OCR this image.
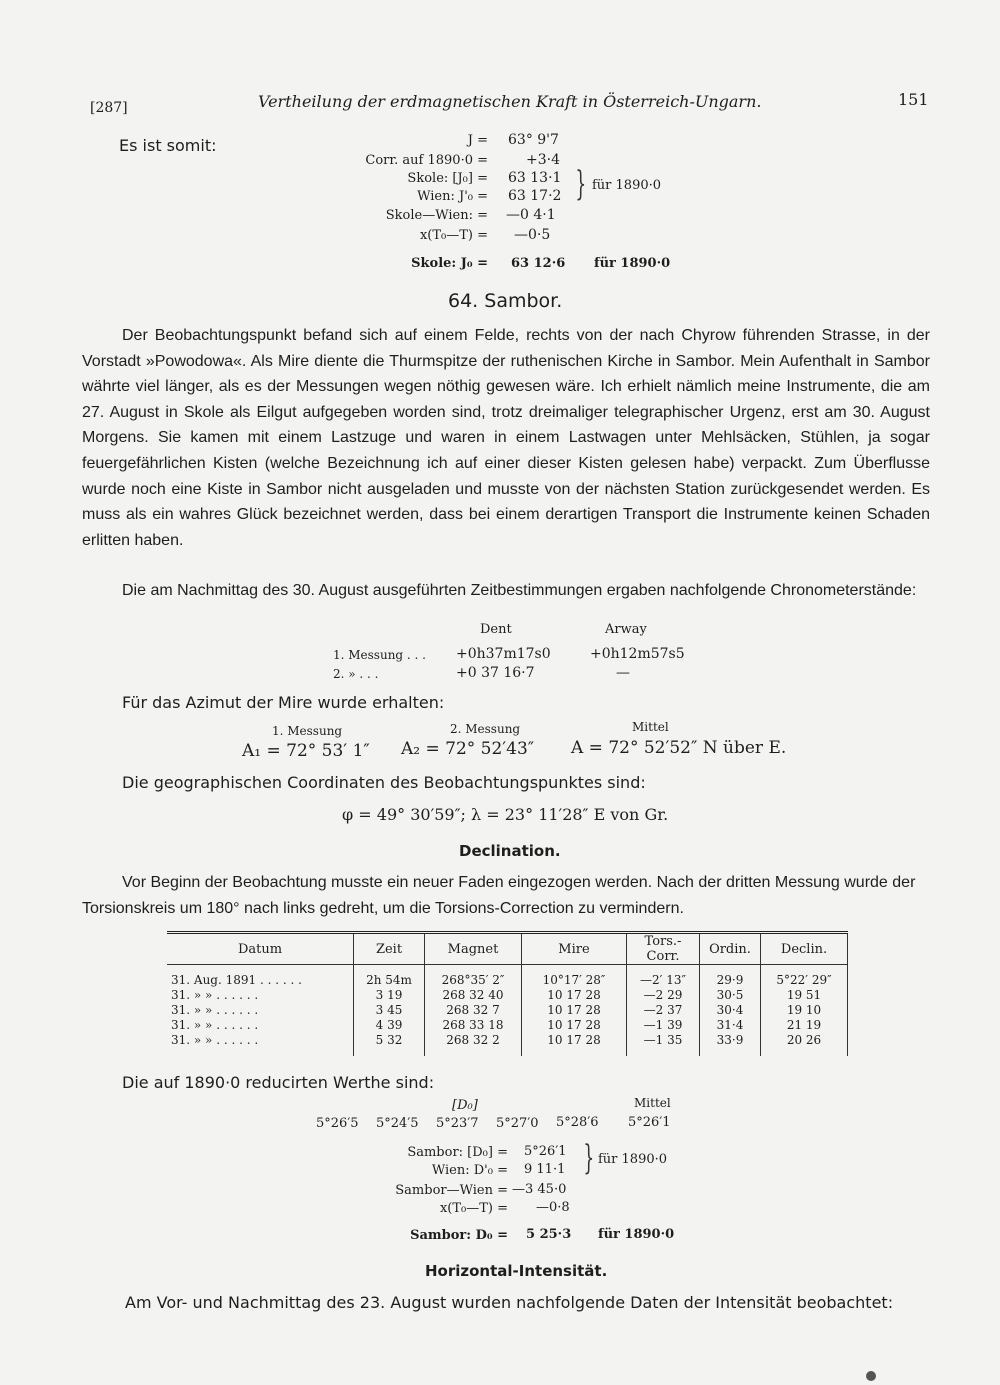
[287]	Vertheilung der erdmagnetischen Kraft in Österreich-Ungarn.	151
Es ist somit:	J = 63° 9'7
Corr. auf 1890·0 =	+3·4
Skole: [J₀] = 63 13·1
Wien: J'₀ = 63 17·2
Skole—Wien: = —0 4·1
x(T₀—T) = —0·5
} für 1890·0
Skole: J₀ = 63 12·6 für 1890·0
64. Sambor.

Der Beobachtungspunkt befand sich auf einem Felde, rechts von der nach Chyrow führenden Strasse, in der Vorstadt »Powodowa«. Als Mire diente die Thurmspitze der ruthenischen Kirche in Sambor. Mein Aufenthalt in Sambor währte viel länger, als es der Messungen wegen nöthig gewesen wäre. Ich erhielt nämlich meine Instrumente, die am 27. August in Skole als Eilgut aufgegeben worden sind, trotz dreimaliger telegraphischer Urgenz, erst am 30. August Morgens. Sie kamen mit einem Lastzuge und waren in einem Lastwagen unter Mehlsäcken, Stühlen, ja sogar feuergefährlichen Kisten (welche Bezeichnung ich auf einer dieser Kisten gelesen habe) verpackt. Zum Überflusse wurde noch eine Kiste in Sambor nicht ausgeladen und musste von der nächsten Station zurückgesendet werden. Es muss als ein wahres Glück bezeichnet werden, dass bei einem derartigen Transport die Instrumente keinen Schaden erlitten haben.

Die am Nachmittag des 30. August ausgeführten Zeitbestimmungen ergaben nachfolgende Chronometerstände:

Dent	Arway
1. Messung . . . +0h37m17s0	+0h12m57s5
2. » . . .	+0 37 16·7	—
Für das Azimut der Mire wurde erhalten:
1. Messung	2. Messung	Mittel
A₁ = 72° 53′ 1″ A₂ = 72° 52′43″ A = 72° 52′52″ N über E.
Die geographischen Coordinaten des Beobachtungspunktes sind:
φ = 49° 30′59″; λ = 23° 11′28″ E von Gr.
Declination.

Vor Beginn der Beobachtung musste ein neuer Faden eingezogen werden. Nach der dritten Messung wurde der Torsionskreis um 180° nach links gedreht, um die Torsions-Correction zu vermindern.

Datum	Zeit	Magnet	Mire	Tors.-Corr.	Ordin.	Declin.
31. Aug. 1891 . . . . . .	2h 54m	268°35′ 2″	10°17′ 28″	—2′ 13″	29·9	5°22′ 29″
31. » » . . . . . .	3 19	268 32 40	10 17 28	—2 29	30·5	19 51
31. » » . . . . . .	3 45	268 32 7	10 17 28	—2 37	30·4	19 10
31. » » . . . . . .	4 39	268 33 18	10 17 28	—1 39	31·4	21 19
31. » » . . . . . .	5 32	268 32 2	10 17 28	—1 35	33·9	20 26
Die auf 1890·0 reducirten Werthe sind:
[D₀]	Mittel
5°26′5 5°24′5 5°23′7 5°27′0 5°28′6 5°26′1
Sambor: [D₀] = 5°26′1
Wien: D'₀ = 9 11·1
Sambor—Wien = —3 45·0
x(T₀—T) = —0·8
} für 1890·0
Sambor: D₀ = 5 25·3 für 1890·0
Horizontal-Intensität.
Am Vor- und Nachmittag des 23. August wurden nachfolgende Daten der Intensität beobachtet:
